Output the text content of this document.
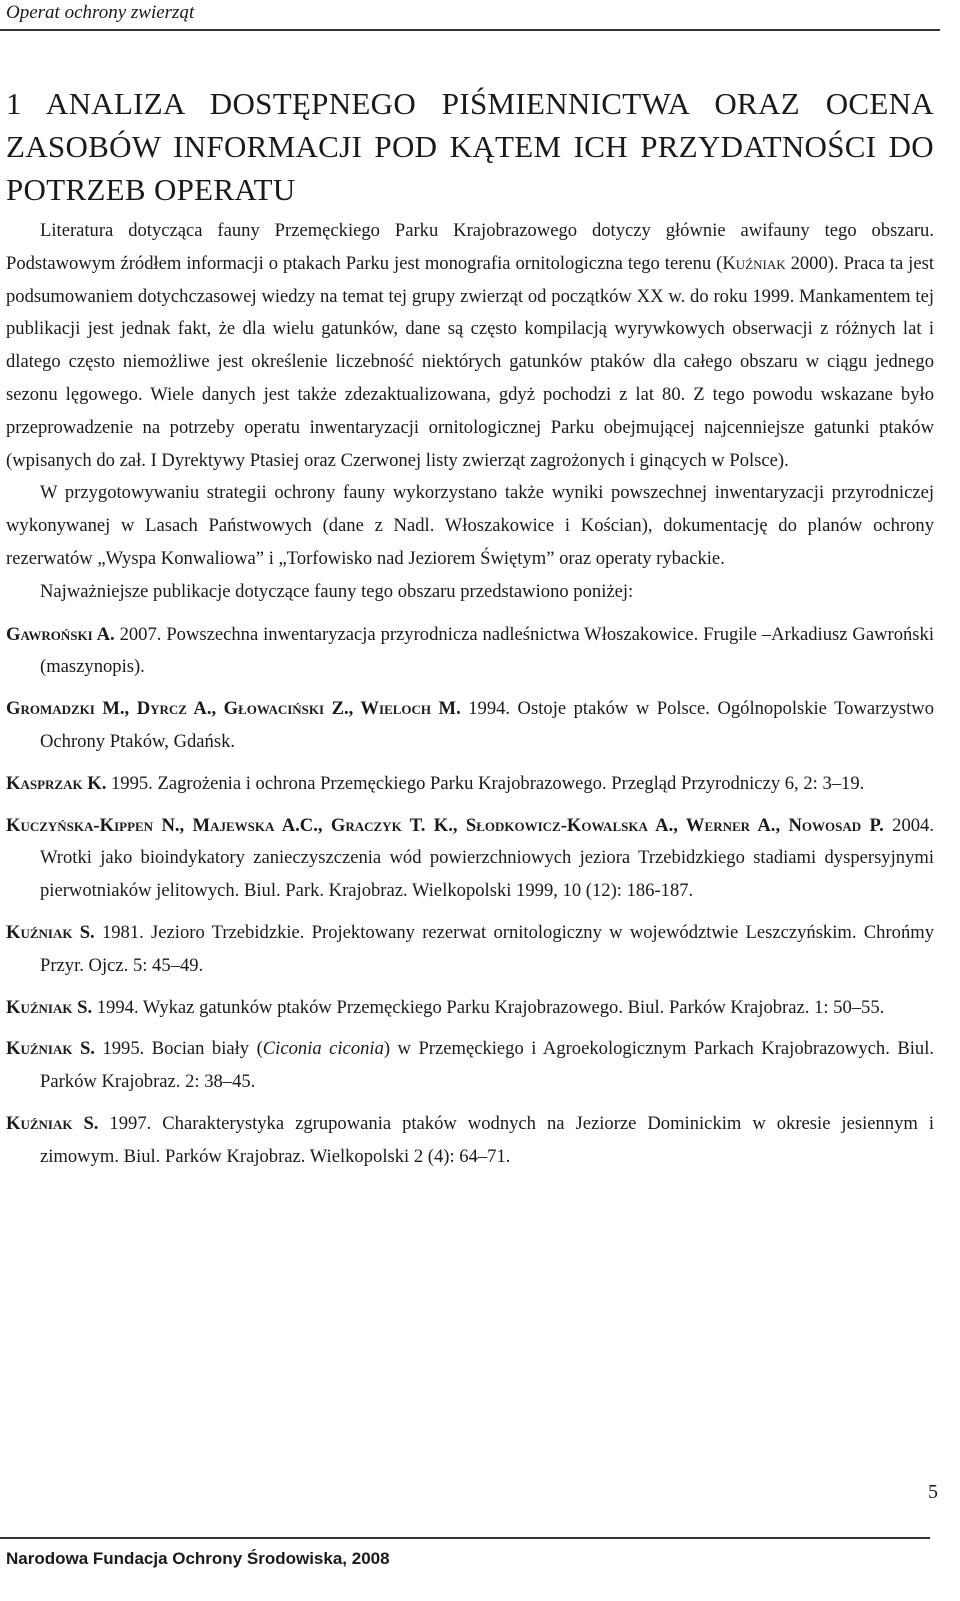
Operat ochrony zwierząt
1 ANALIZA DOSTĘPNEGO PIŚMIENNICTWA ORAZ OCENA ZASOBÓW INFORMACJI POD KĄTEM ICH PRZYDATNOŚCI DO POTRZEB OPERATU

Literatura dotycząca fauny Przemęckiego Parku Krajobrazowego dotyczy głównie awifauny tego obszaru. Podstawowym źródłem informacji o ptakach Parku jest monografia ornitologiczna tego terenu (Kuźniak 2000). Praca ta jest podsumowaniem dotychczasowej wiedzy na temat tej grupy zwierząt od początków XX w. do roku 1999. Mankamentem tej publikacji jest jednak fakt, że dla wielu gatunków, dane są często kompilacją wyrywkowych obserwacji z różnych lat i dlatego często niemożliwe jest określenie liczebność niektórych gatunków ptaków dla całego obszaru w ciągu jednego sezonu lęgowego. Wiele danych jest także zdezaktualizowana, gdyż pochodzi z lat 80. Z tego powodu wskazane było przeprowadzenie na potrzeby operatu inwentaryzacji ornitologicznej Parku obejmującej najcenniejsze gatunki ptaków (wpisanych do zał. I Dyrektywy Ptasiej oraz Czerwonej listy zwierząt zagrożonych i ginących w Polsce).

W przygotowywaniu strategii ochrony fauny wykorzystano także wyniki powszechnej inwentaryzacji przyrodniczej wykonywanej w Lasach Państwowych (dane z Nadl. Włoszakowice i Kościan), dokumentację do planów ochrony rezerwatów „Wyspa Konwaliowa” i „Torfowisko nad Jeziorem Świętym” oraz operaty rybackie.

Najważniejsze publikacje dotyczące fauny tego obszaru przedstawiono poniżej:

Gawroński A. 2007. Powszechna inwentaryzacja przyrodnicza nadleśnictwa Włoszakowice. Frugile –Arkadiusz Gawroński (maszynopis).

Gromadzki M., Dyrcz A., Głowaciński Z., Wieloch M. 1994. Ostoje ptaków w Polsce. Ogólnopolskie Towarzystwo Ochrony Ptaków, Gdańsk.

Kasprzak K. 1995. Zagrożenia i ochrona Przemęckiego Parku Krajobrazowego. Przegląd Przyrodniczy 6, 2: 3–19.

Kuczyńska-Kippen N., Majewska A.C., Graczyk T. K., Słodkowicz-Kowalska A., Werner A., Nowosad P. 2004. Wrotki jako bioindykatory zanieczyszczenia wód powierzchniowych jeziora Trzebidzkiego stadiami dyspersyjnymi pierwotniaków jelitowych. Biul. Park. Krajobraz. Wielkopolski 1999, 10 (12): 186-187.

Kuźniak S. 1981. Jezioro Trzebidzkie. Projektowany rezerwat ornitologiczny w województwie Leszczyńskim. Chrońmy Przyr. Ojcz. 5: 45–49.

Kuźniak S. 1994. Wykaz gatunków ptaków Przemęckiego Parku Krajobrazowego. Biul. Parków Krajobraz. 1: 50–55.

Kuźniak S. 1995. Bocian biały (Ciconia ciconia) w Przemęckiego i Agroekologicznym Parkach Krajobrazowych. Biul. Parków Krajobraz. 2: 38–45.

Kuźniak S. 1997. Charakterystyka zgrupowania ptaków wodnych na Jeziorze Dominickim w okresie jesiennym i zimowym. Biul. Parków Krajobraz. Wielkopolski 2 (4): 64–71.

5
Narodowa Fundacja Ochrony Środowiska, 2008
